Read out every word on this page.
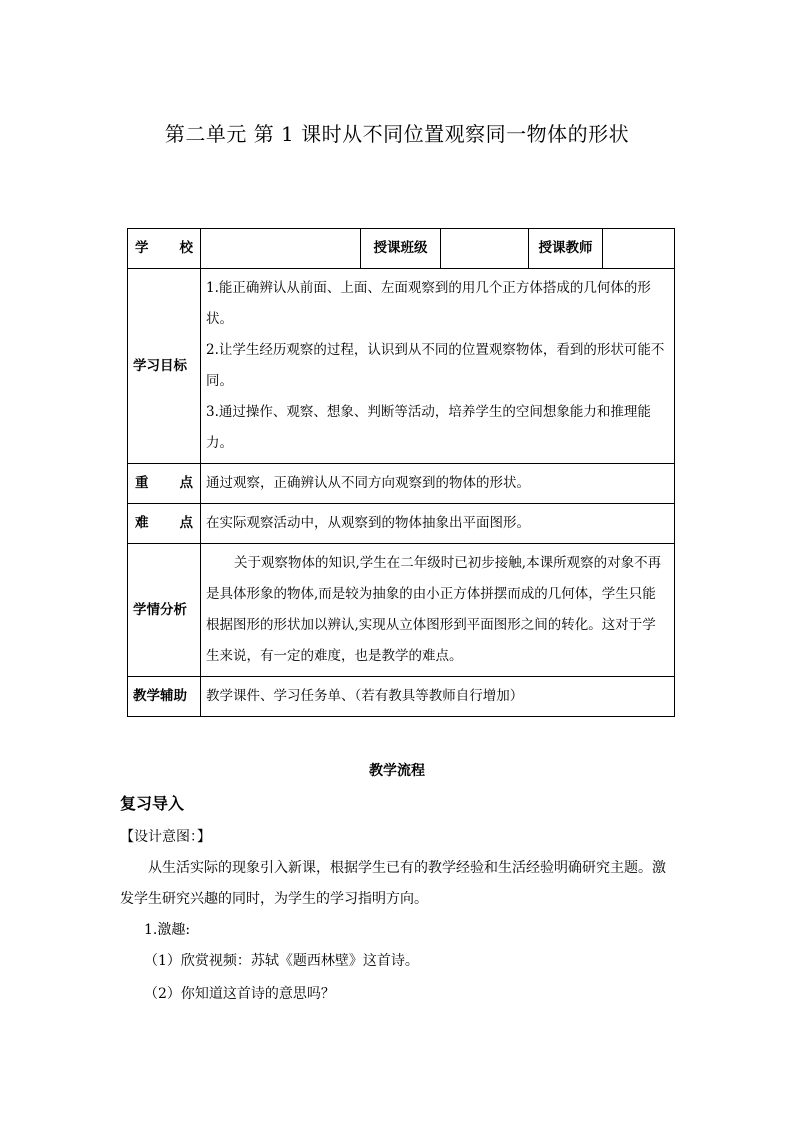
第二单元 第 1 课时从不同位置观察同一物体的形状
学 校		授课班级		授课教师	
学习目标	1.能正确辨认从前面、上面、左面观察到的用几个正方体搭成的几何体的形状。

2.让学生经历观察的过程，认识到从不同的位置观察物体，看到的形状可能不同。

3.通过操作、观察、想象、判断等活动，培养学生的空间想象能力和推理能力。				

重 点	通过观察，正确辨认从不同方向观察到的物体的形状。				

难 点	在实际观察活动中，从观察到的物体抽象出平面图形。				
学情分析	关于观察物体的知识,学生在二年级时已初步接触,本课所观察的对象不再是具体形象的物体,而是较为抽象的由小正方体拼摆而成的几何体，学生只能根据图形的形状加以辨认,实现从立体图形到平面图形之间的转化。这对于学生来说，有一定的难度，也是教学的难点。				

教学辅助	教学课件、学习任务单、（若有教具等教师自行增加）				
教学流程
复习导入
【设计意图：】
从生活实际的现象引入新课，根据学生已有的教学经验和生活经验明确研究主题。激发学生研究兴趣的同时，为学生的学习指明方向。
1.激趣:
（1）欣赏视频：苏轼《题西林壁》这首诗。
（2）你知道这首诗的意思吗？
